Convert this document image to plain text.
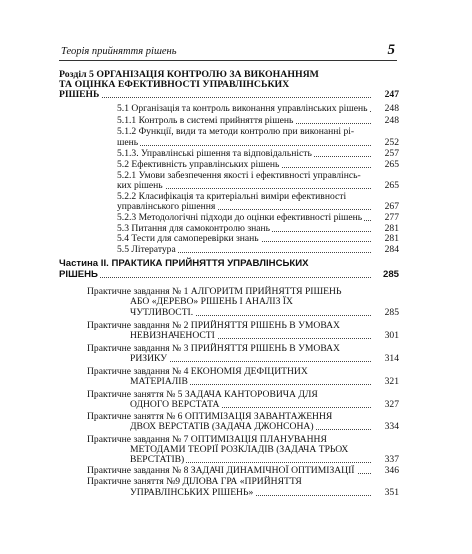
Теорія прийняття рішень	5
Розділ 5 ОРГАНІЗАЦІЯ КОНТРОЛЮ ЗА ВИКОНАННЯМ
ТА ОЦІНКА ЕФЕКТИВНОСТІ УПРАВЛІНСЬКИХ
РІШЕНЬ	247
5.1 Організація та контроль виконання управлінських рішень	248
5.1.1 Контроль в системі прийняття рішень	248
5.1.2 Функції, види та методи контролю при виконанні рі-
шень	252
5.1.3. Управлінські рішення та відповідальність	257
5.2 Ефективність управлінських рішень	265
5.2.1 Умови забезпечення якості і ефективності управлінсь-
ких рішень	265
5.2.2 Класифікація та критеріальні виміри ефективності
управлінського рішення	267
5.2.3 Методологічні підходи до оцінки ефективності рішень	277
5.3 Питання для самоконтролю знань	281
5.4 Тести для самоперевірки знань	281
5.5 Література	284
Частина ІІ. ПРАКТИКА ПРИЙНЯТТЯ УПРАВЛІНСЬКИХ
РІШЕНЬ	285
Практичне завдання № 1 АЛГОРИТМ ПРИЙНЯТТЯ РІШЕНЬ
АБО «ДЕРЕВО» РІШЕНЬ І АНАЛІЗ ЇХ
ЧУТЛИВОСТІ.	285
Практичне завдання № 2 ПРИЙНЯТТЯ РІШЕНЬ В УМОВАХ
НЕВИЗНАЧЕНОСТІ	301
Практичне завдання № 3 ПРИЙНЯТТЯ РІШЕНЬ В УМОВАХ
РИЗИКУ	314
Практичне завдання № 4 ЕКОНОМІЯ ДЕФІЦИТНИХ
МАТЕРІАЛІВ	321
Практичне заняття № 5 ЗАДАЧА КАНТОРОВИЧА ДЛЯ
ОДНОГО ВЕРСТАТА	327
Практичне заняття № 6 ОПТИМІЗАЦІЯ ЗАВАНТАЖЕННЯ
ДВОХ ВЕРСТАТІВ (ЗАДАЧА ДЖОНСОНА)	334
Практичне завдання № 7 ОПТИМІЗАЦІЯ ПЛАНУВАННЯ
МЕТОДАМИ ТЕОРІЇ РОЗКЛАДІВ (ЗАДАЧА ТРЬОХ
ВЕРСТАТІВ)	337
Практичне завдання № 8 ЗАДАЧІ ДИНАМІЧНОЇ ОПТИМІЗАЦІЇ	346
Практичне заняття №9 ДІЛОВА ГРА «ПРИЙНЯТТЯ
УПРАВЛІНСЬКИХ РІШЕНЬ»	351
